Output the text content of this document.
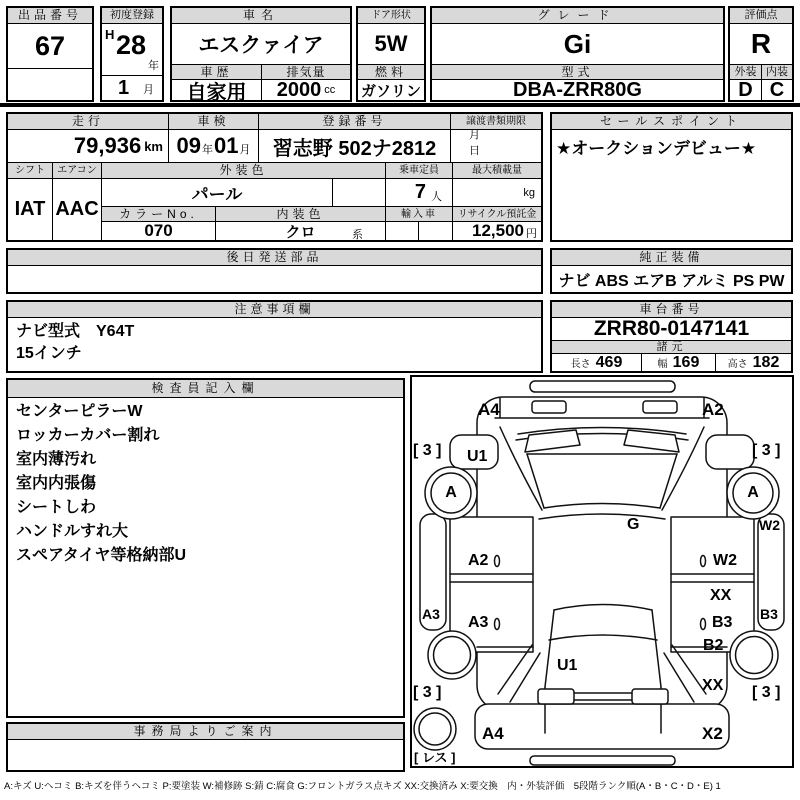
出品番号
67
初度登録
H 28
年
1 月
車名
エスクァイア
車歴	排気量
自家用	2000 cc
ドア形状
5W
燃料
ガソリン
グレード
Gi
型式
DBA-ZRR80G
評価点
R
外装 内装
D C
走行	車検	登録番号	譲渡書類期限
79,936 km 09 年 01 月	習志野 502ナ2812
月　日
シフト	エアコン	外装色	乗車定員	最大積載量
IAT AAC
パール	7 人	kg
カラーNo.	内装色	輸入車	リサイクル預託金
070	クロ	系	12,500 円
セールスポイント
★オークションデビュー★
後日発送部品	純正装備
ナビ ABS エアB アルミ PS PW
注意事項欄
ナビ型式　Y64T
15インチ
車台番号
ZRR80-0147141
諸元
長さ 469	幅 169	高さ 182
検査員記入欄
センターピラーW
ロッカーカバー割れ
室内薄汚れ
室内内張傷
シートしわ
ハンドルすれ大
スペアタイヤ等格納部U
事務局よりご案内
A4	A2
[ 3 ]	[ 3 ]
U1
A	A
G	W2
A2	W2
XX
A3 A3	B3 B3
B2
U1
XX
[ 3 ]	[ 3 ]
A4	X2
[ レス ]
A:キズ U:ヘコミ B:キズを伴うヘコミ P:要塗装 W:補修跡 S:錆 C:腐食 G:フロントガラス点キズ XX:交換済み X:要交換　内・外装評価　5段階ランク順(A・B・C・D・E) 1
